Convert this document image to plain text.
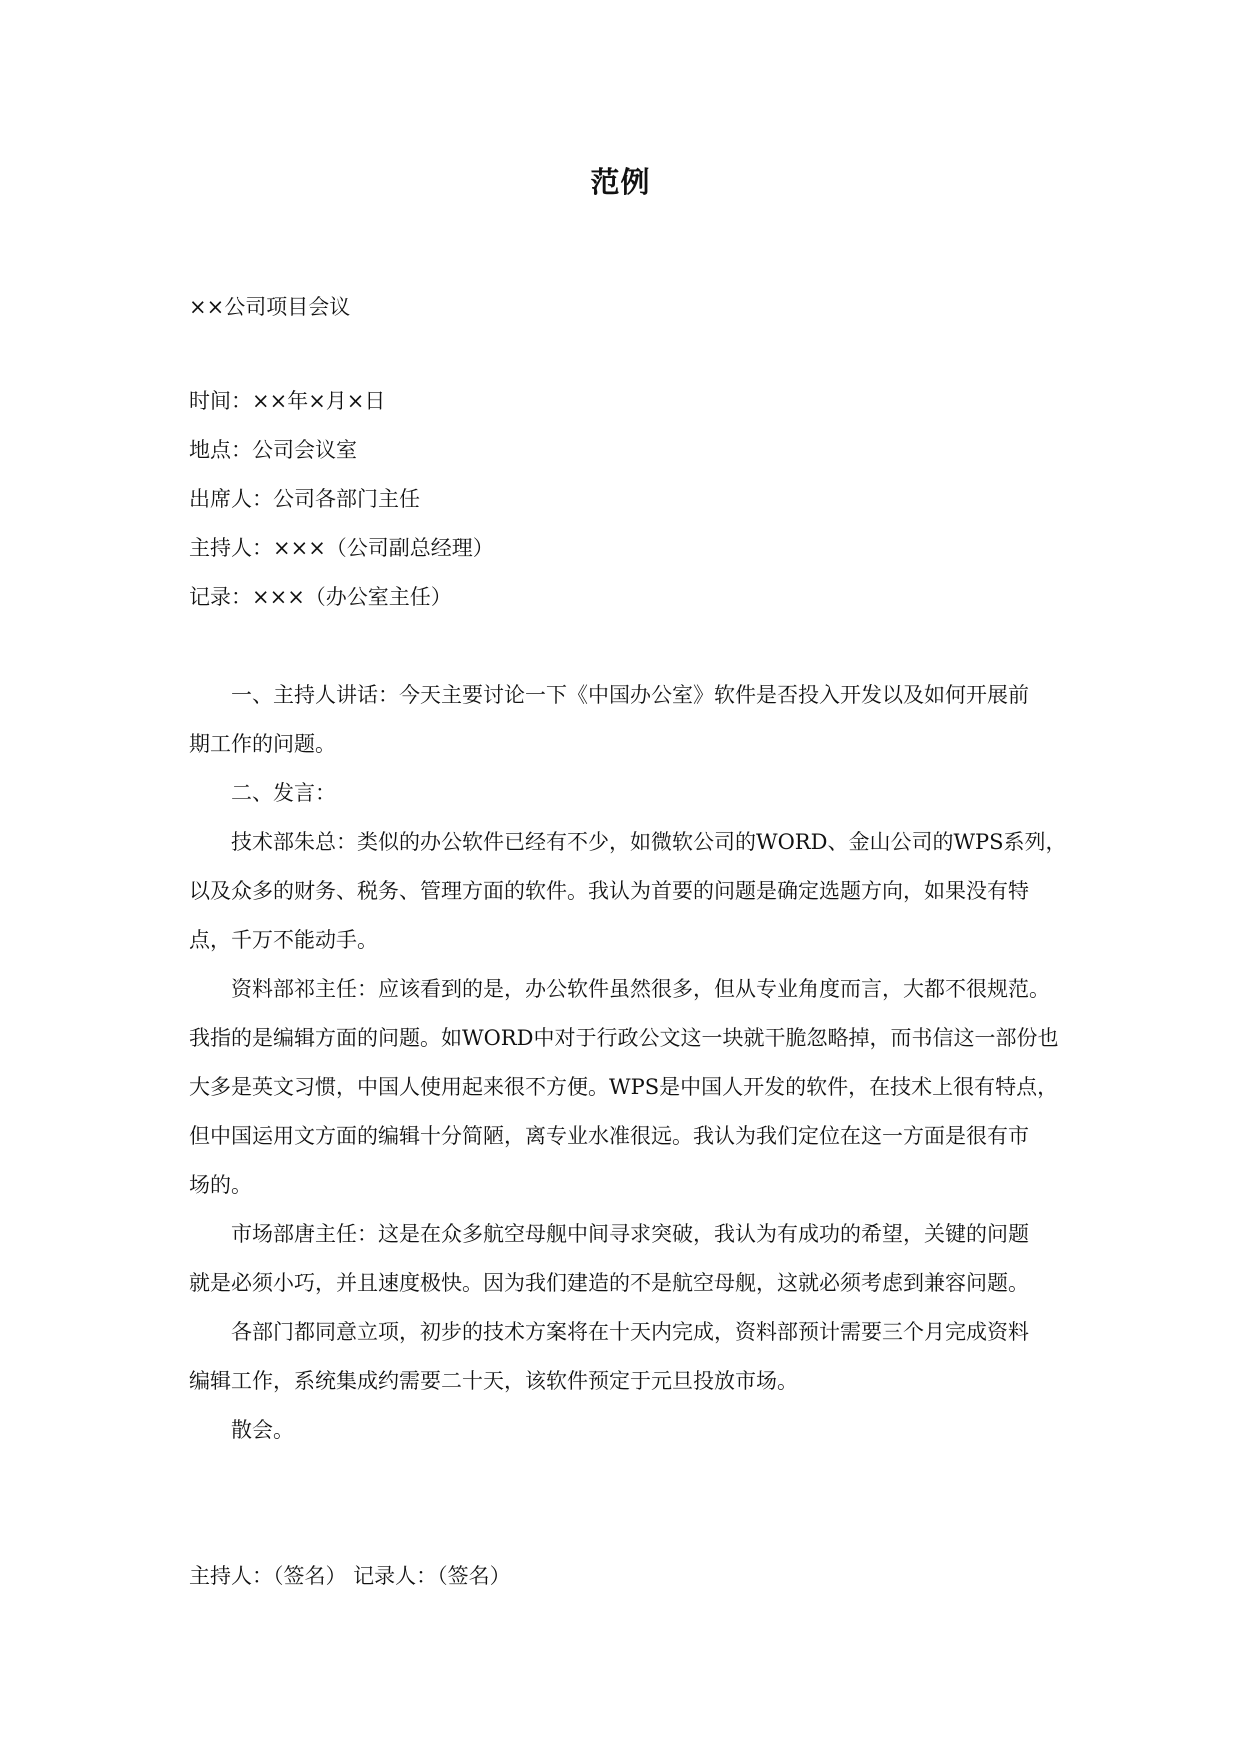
范例
××公司项目会议
时间：××年×月×日
地点：公司会议室
出席人：公司各部门主任
主持人：×××（公司副总经理）
记录：×××（办公室主任）
一、主持人讲话：今天主要讨论一下《中国办公室》软件是否投入开发以及如何开展前
期工作的问题。
二、发言：
技术部朱总：类似的办公软件已经有不少，如微软公司的WORD、金山公司的WPS系列，
以及众多的财务、税务、管理方面的软件。我认为首要的问题是确定选题方向，如果没有特
点，千万不能动手。
资料部祁主任：应该看到的是，办公软件虽然很多，但从专业角度而言，大都不很规范。
我指的是编辑方面的问题。如WORD中对于行政公文这一块就干脆忽略掉，而书信这一部份也
大多是英文习惯，中国人使用起来很不方便。WPS是中国人开发的软件，在技术上很有特点，
但中国运用文方面的编辑十分简陋，离专业水准很远。我认为我们定位在这一方面是很有市
场的。
市场部唐主任：这是在众多航空母舰中间寻求突破，我认为有成功的希望，关键的问题
就是必须小巧，并且速度极快。因为我们建造的不是航空母舰，这就必须考虑到兼容问题。
各部门都同意立项，初步的技术方案将在十天内完成，资料部预计需要三个月完成资料
编辑工作，系统集成约需要二十天，该软件预定于元旦投放市场。
散会。
主持人：（签名） 记录人：（签名）
